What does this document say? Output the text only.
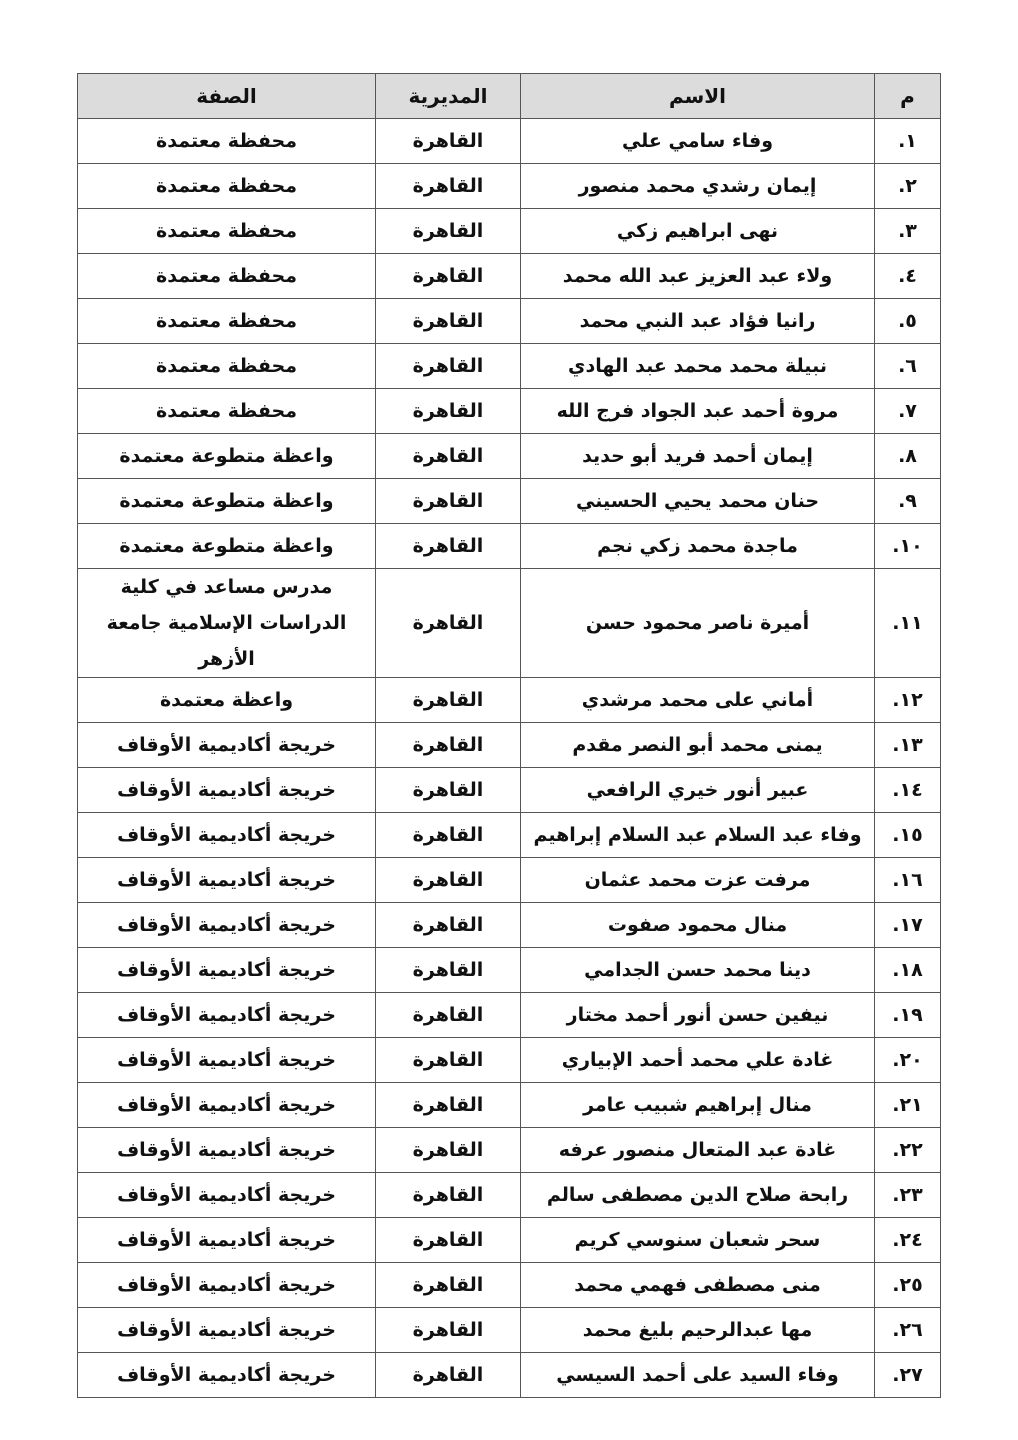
م	الاسم	المديرية	الصفة
.١	وفاء سامي علي	القاهرة	محفظة معتمدة
.٢	إيمان رشدي محمد منصور	القاهرة	محفظة معتمدة
.٣	نهى ابراهيم زكي	القاهرة	محفظة معتمدة
.٤	ولاء عبد العزيز عبد الله محمد	القاهرة	محفظة معتمدة
.٥	رانيا فؤاد عبد النبي محمد	القاهرة	محفظة معتمدة
.٦	نبيلة محمد محمد عبد الهادي	القاهرة	محفظة معتمدة
.٧	مروة أحمد عبد الجواد فرج الله	القاهرة	محفظة معتمدة
.٨	إيمان أحمد فريد أبو حديد	القاهرة	واعظة متطوعة معتمدة
.٩	حنان محمد يحيي الحسيني	القاهرة	واعظة متطوعة معتمدة
.١٠	ماجدة محمد زكي نجم	القاهرة	واعظة متطوعة معتمدة
.١١	أميرة ناصر محمود حسن	القاهرة	مدرس مساعد في كلية الدراسات الإسلامية جامعة الأزهر
.١٢	أماني على محمد مرشدي	القاهرة	واعظة معتمدة
.١٣	يمنى محمد أبو النصر مقدم	القاهرة	خريجة أكاديمية الأوقاف
.١٤	عبير أنور خيري الرافعي	القاهرة	خريجة أكاديمية الأوقاف
.١٥	وفاء عبد السلام عبد السلام إبراهيم	القاهرة	خريجة أكاديمية الأوقاف
.١٦	مرفت عزت محمد عثمان	القاهرة	خريجة أكاديمية الأوقاف
.١٧	منال محمود صفوت	القاهرة	خريجة أكاديمية الأوقاف
.١٨	دينا محمد حسن الجدامي	القاهرة	خريجة أكاديمية الأوقاف
.١٩	نيفين حسن أنور أحمد مختار	القاهرة	خريجة أكاديمية الأوقاف
.٢٠	غادة علي محمد أحمد الإبياري	القاهرة	خريجة أكاديمية الأوقاف
.٢١	منال إبراهيم شبيب عامر	القاهرة	خريجة أكاديمية الأوقاف
.٢٢	غادة عبد المتعال منصور عرفه	القاهرة	خريجة أكاديمية الأوقاف
.٢٣	رابحة صلاح الدين مصطفى سالم	القاهرة	خريجة أكاديمية الأوقاف
.٢٤	سحر شعبان سنوسي كريم	القاهرة	خريجة أكاديمية الأوقاف
.٢٥	منى مصطفى فهمي محمد	القاهرة	خريجة أكاديمية الأوقاف
.٢٦	مها عبدالرحيم بليغ محمد	القاهرة	خريجة أكاديمية الأوقاف
.٢٧	وفاء السيد على أحمد السيسي	القاهرة	خريجة أكاديمية الأوقاف
